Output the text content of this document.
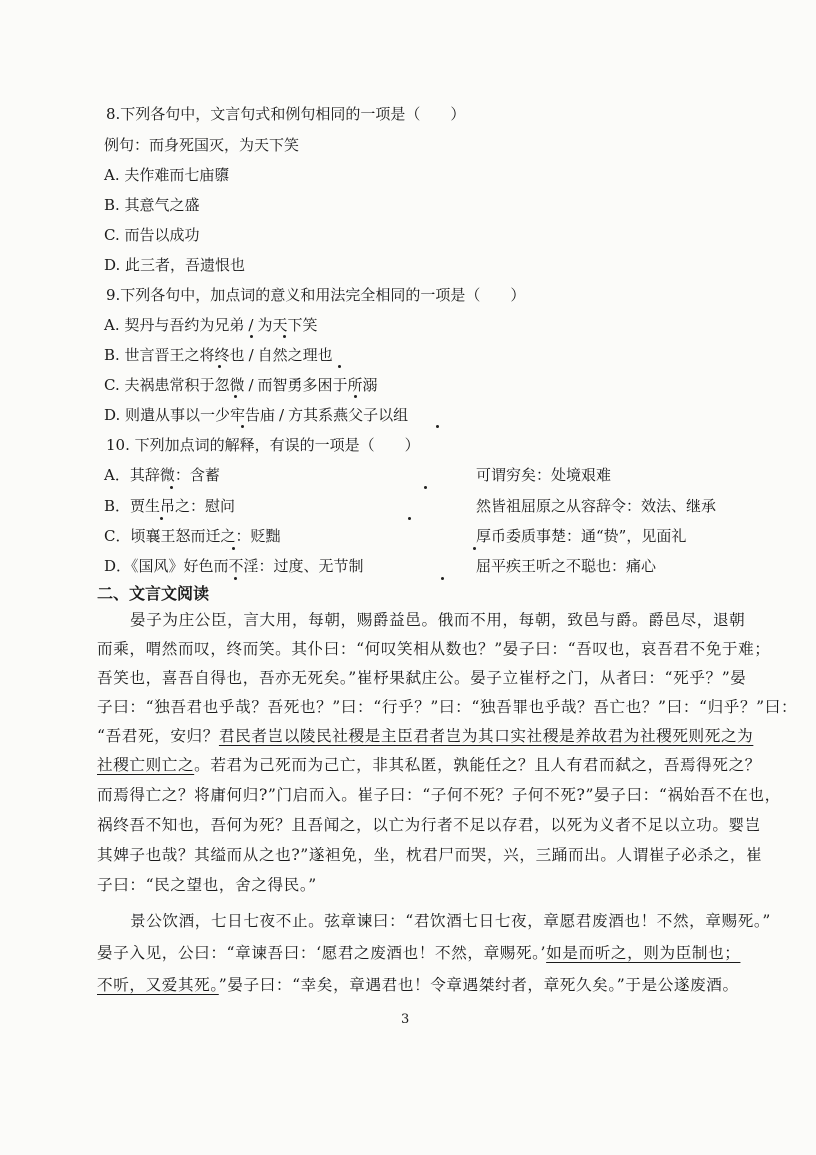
8.下列各句中，文言句式和例句相同的一项是（　　）
例句：而身死国灭，为天下笑
A. 夫作难而七庙隳
B. 其意气之盛
C. 而告以成功
D. 此三者，吾遗恨也
9.下列各句中，加点词的意义和用法完全相同的一项是（　　）
A. 契丹与吾约为兄弟 / 为天下笑
B. 世言晋王之将终也 / 自然之理也
C. 夫祸患常积于忽微 / 而智勇多困于所溺
D. 则遣从事以一少牢告庙 / 方其系燕父子以组
10. 下列加点词的解释，有误的一项是（　　）
A．其辞微：含蓄	可谓穷矣：处境艰难
B．贾生吊之：慰问	然皆祖屈原之从容辞令：效法、继承
C．顷襄王怒而迁之：贬黜	厚币委质事楚：通“贽”，见面礼
D．《国风》好色而不淫：过度、无节制	屈平疾王听之不聪也：痛心
二、文言文阅读
晏子为庄公臣，言大用，每朝，赐爵益邑。俄而不用，每朝，致邑与爵。爵邑尽，退朝
而乘，喟然而叹，终而笑。其仆曰：“何叹笑相从数也？”晏子曰：“吾叹也，哀吾君不免于难；
吾笑也，喜吾自得也，吾亦无死矣。”崔杼果弑庄公。晏子立崔杼之门，从者曰：“死乎？”晏
子曰：“独吾君也乎哉？吾死也？”曰：“行乎？”曰：“独吾罪也乎哉？吾亡也？”曰：“归乎？”曰：
“吾君死，安归？君民者岂以陵民社稷是主臣君者岂为其口实社稷是养故君为社稷死则死之为
社稷亡则亡之。若君为己死而为己亡，非其私匿，孰能任之？且人有君而弑之，吾焉得死之？
而焉得亡之？将庸何归?”门启而入。崔子曰：“子何不死？子何不死?”晏子曰：“祸始吾不在也，
祸终吾不知也，吾何为死？且吾闻之，以亡为行者不足以存君，以死为义者不足以立功。婴岂
其婢子也哉？其缢而从之也?”遂袒免，坐，枕君尸而哭，兴，三踊而出。人谓崔子必杀之，崔
子曰：“民之望也，舍之得民。”
景公饮酒，七日七夜不止。弦章谏曰：“君饮酒七日七夜，章愿君废酒也！不然，章赐死。”
晏子入见，公曰：“章谏吾曰：‘愿君之废酒也！不然，章赐死。’如是而听之，则为臣制也；
不听，又爱其死。”晏子曰：“幸矣，章遇君也！令章遇桀纣者，章死久矣。”于是公遂废酒。
3
